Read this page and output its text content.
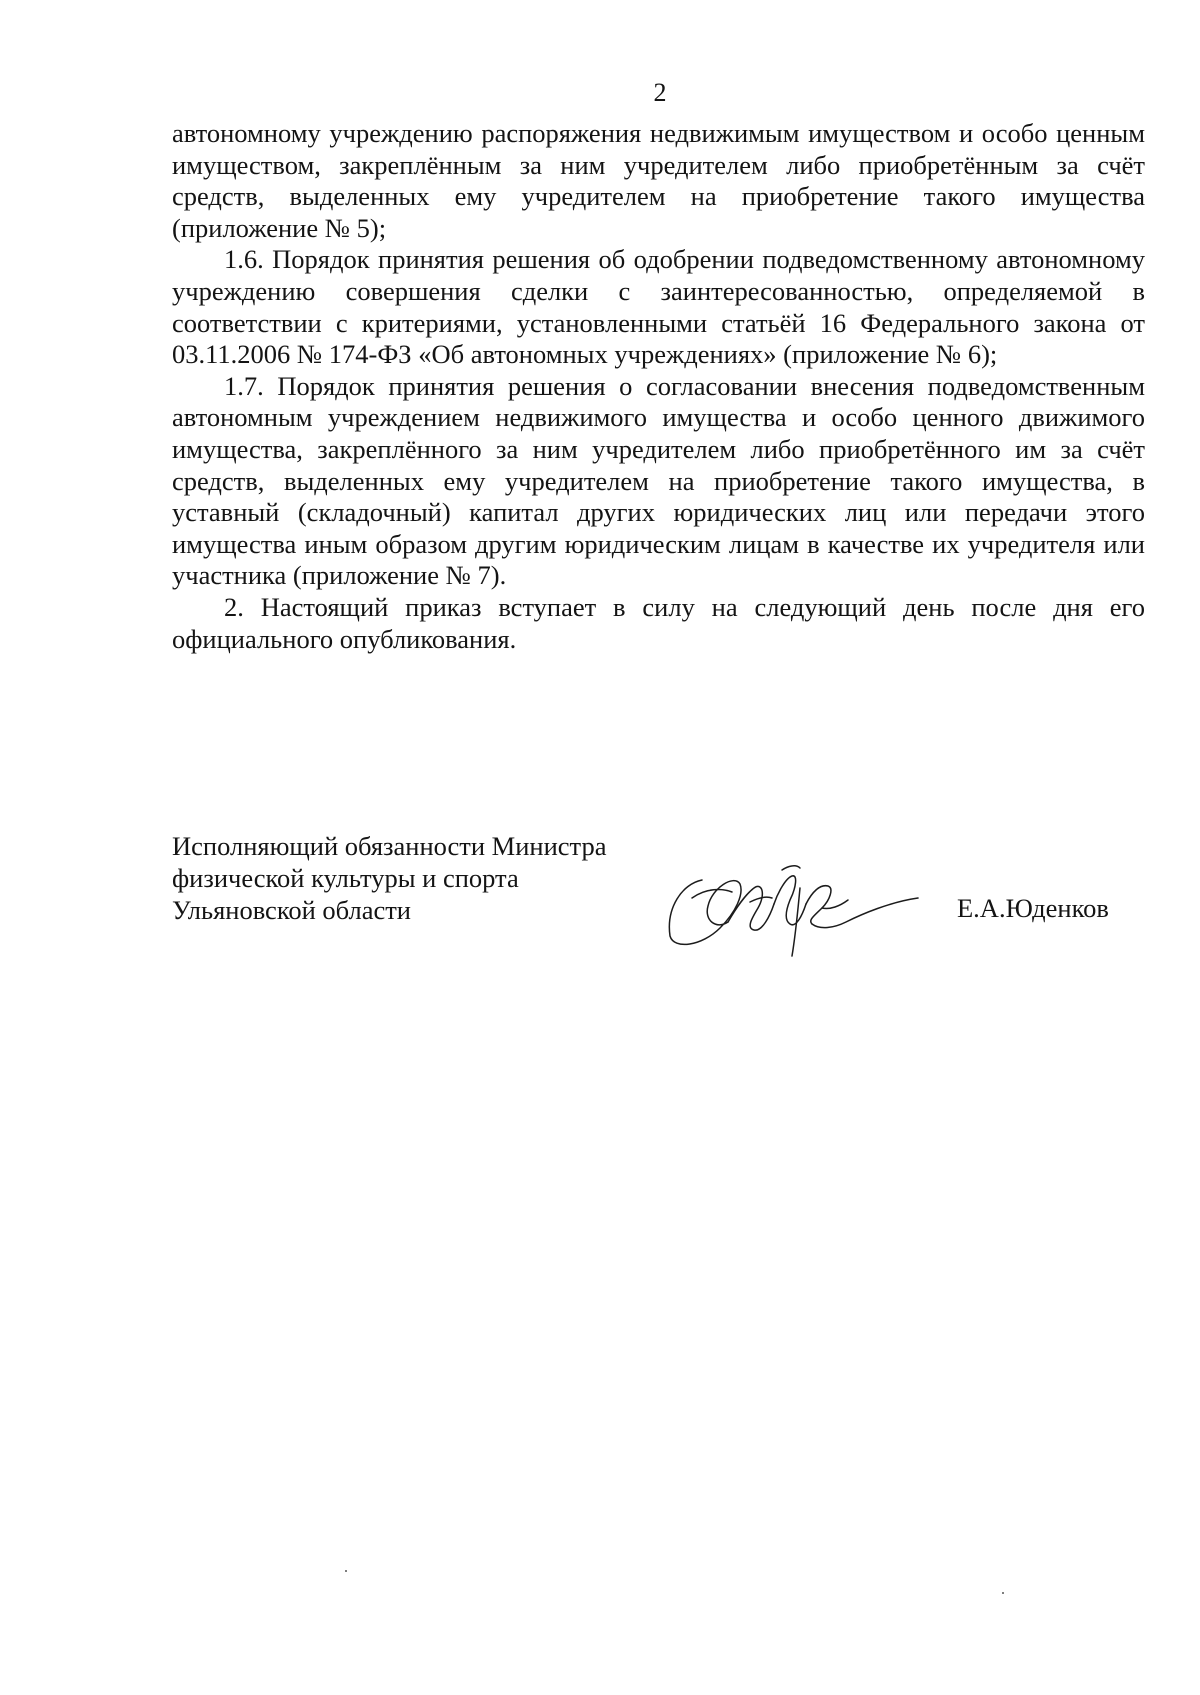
2

автономному учреждению распоряжения недвижимым имуществом и особо ценным имуществом, закреплённым за ним учредителем либо приобретённым за счёт средств, выделенных ему учредителем на приобретение такого имущества (приложение № 5);

1.6. Порядок принятия решения об одобрении подведомственному автономному учреждению совершения сделки с заинтересованностью, определяемой в соответствии с критериями, установленными статьёй 16 Федерального закона от 03.11.2006 № 174-ФЗ «Об автономных учреждениях» (приложение № 6);

1.7. Порядок принятия решения о согласовании внесения подведомственным автономным учреждением недвижимого имущества и особо ценного движимого имущества, закреплённого за ним учредителем либо приобретённого им за счёт средств, выделенных ему учредителем на приобретение такого имущества, в уставный (складочный) капитал других юридических лиц или передачи этого имущества иным образом другим юридическим лицам в качестве их учредителя или участника (приложение № 7).

2. Настоящий приказ вступает в силу на следующий день после дня его официального опубликования.

Исполняющий обязанности Министра
физической культуры и спорта
Ульяновской области	Е.А.Юденков
